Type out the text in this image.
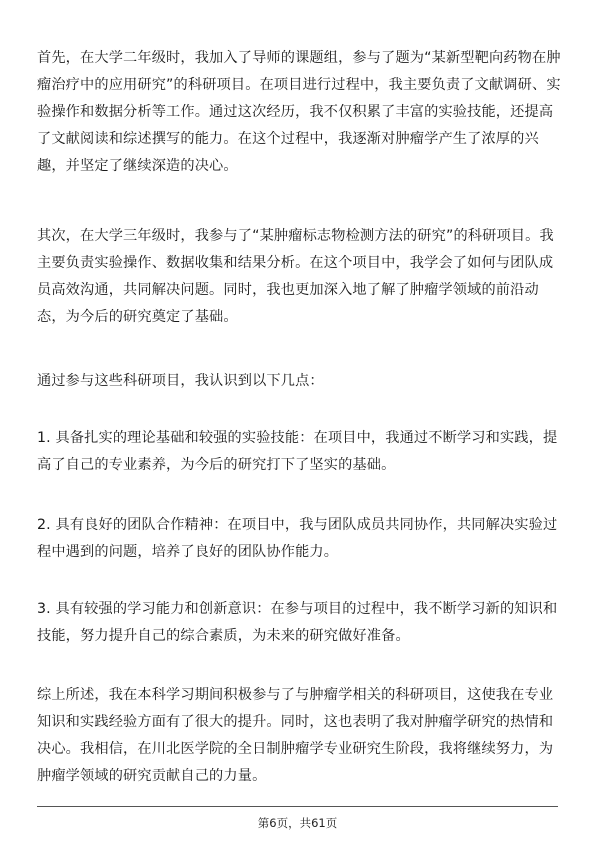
首先，在大学二年级时，我加入了导师的课题组，参与了题为“某新型靶向药物在肿
瘤治疗中的应用研究”的科研项目。在项目进行过程中，我主要负责了文献调研、实
验操作和数据分析等工作。通过这次经历，我不仅积累了丰富的实验技能，还提高
了文献阅读和综述撰写的能力。在这个过程中，我逐渐对肿瘤学产生了浓厚的兴
趣，并坚定了继续深造的决心。
其次，在大学三年级时，我参与了“某肿瘤标志物检测方法的研究”的科研项目。我
主要负责实验操作、数据收集和结果分析。在这个项目中，我学会了如何与团队成
员高效沟通，共同解决问题。同时，我也更加深入地了解了肿瘤学领域的前沿动
态，为今后的研究奠定了基础。
通过参与这些科研项目，我认识到以下几点：
1. 具备扎实的理论基础和较强的实验技能：在项目中，我通过不断学习和实践，提
高了自己的专业素养，为今后的研究打下了坚实的基础。
2. 具有良好的团队合作精神：在项目中，我与团队成员共同协作，共同解决实验过
程中遇到的问题，培养了良好的团队协作能力。
3. 具有较强的学习能力和创新意识：在参与项目的过程中，我不断学习新的知识和
技能，努力提升自己的综合素质，为未来的研究做好准备。
综上所述，我在本科学习期间积极参与了与肿瘤学相关的科研项目，这使我在专业
知识和实践经验方面有了很大的提升。同时，这也表明了我对肿瘤学研究的热情和
决心。我相信，在川北医学院的全日制肿瘤学专业研究生阶段，我将继续努力，为
肿瘤学领域的研究贡献自己的力量。
第6页，共61页
